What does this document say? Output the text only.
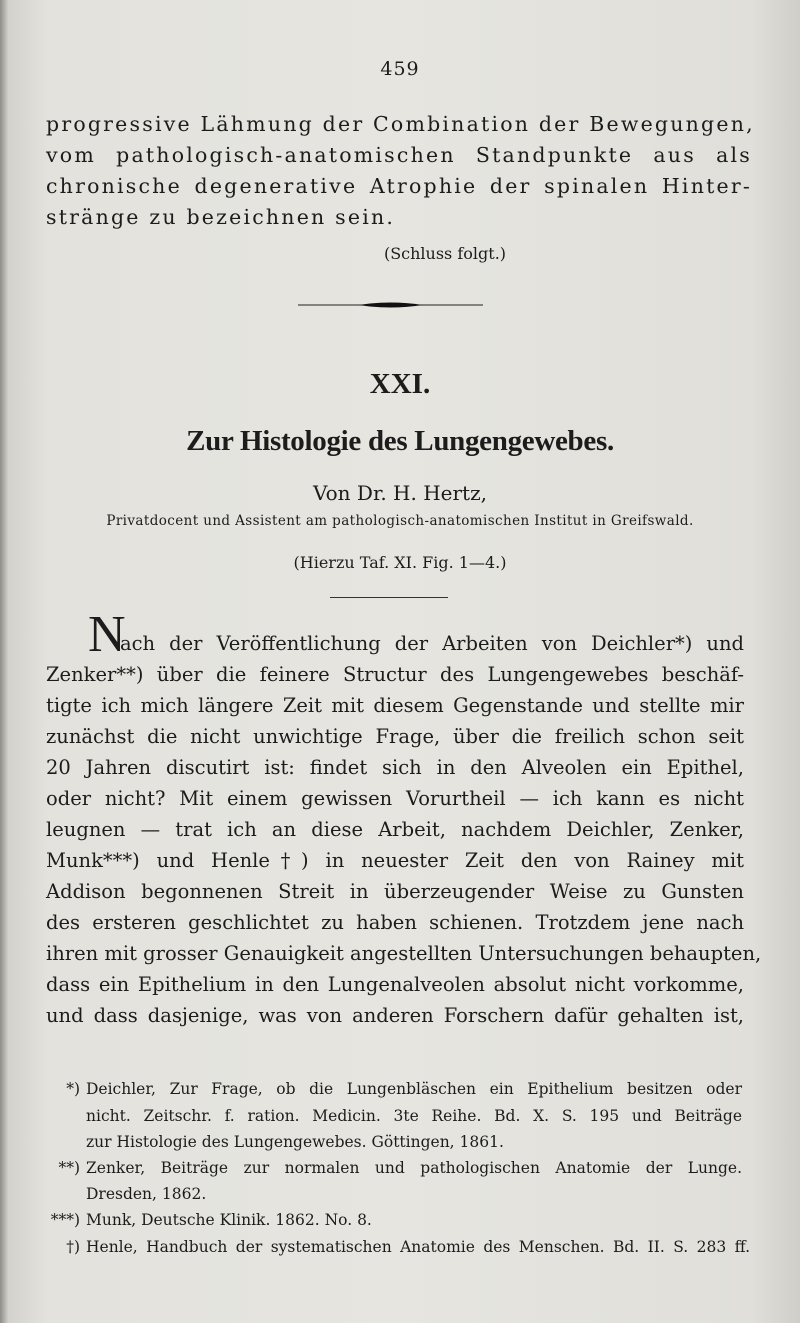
459
progressive Lähmung der Combination der Bewegungen,
vom pathologisch-anatomischen Standpunkte aus als
chronische degenerative Atrophie der spinalen Hinter-
stränge zu bezeichnen sein.
(Schluss folgt.)
XXI.
Zur Histologie des Lungengewebes.
Von Dr. H. Hertz,
Privatdocent und Assistent am pathologisch-anatomischen Institut in Greifswald.
(Hierzu Taf. XI. Fig. 1—4.)
N
ach der Veröffentlichung der Arbeiten von Deichler*) und
Zenker**) über die feinere Structur des Lungengewebes beschäf-
tigte ich mich längere Zeit mit diesem Gegenstande und stellte mir
zunächst die nicht unwichtige Frage, über die freilich schon seit
20 Jahren discutirt ist: findet sich in den Alveolen ein Epithel,
oder nicht? Mit einem gewissen Vorurtheil — ich kann es nicht
leugnen — trat ich an diese Arbeit, nachdem Deichler, Zenker,
Munk***) und Henle†) in neuester Zeit den von Rainey mit
Addison begonnenen Streit in überzeugender Weise zu Gunsten
des ersteren geschlichtet zu haben schienen. Trotzdem jene nach
ihren mit grosser Genauigkeit angestellten Untersuchungen behaupten,
dass ein Epithelium in den Lungenalveolen absolut nicht vorkomme,
und dass dasjenige, was von anderen Forschern dafür gehalten ist,
*) Deichler, Zur Frage, ob die Lungenbläschen ein Epithelium besitzen oder
nicht. Zeitschr. f. ration. Medicin. 3te Reihe. Bd. X. S. 195 und Beiträge
zur Histologie des Lungengewebes. Göttingen, 1861.
**) Zenker, Beiträge zur normalen und pathologischen Anatomie der Lunge.
Dresden, 1862.
***) Munk, Deutsche Klinik. 1862. No. 8.
†) Henle, Handbuch der systematischen Anatomie des Menschen. Bd. II. S. 283 ff.
